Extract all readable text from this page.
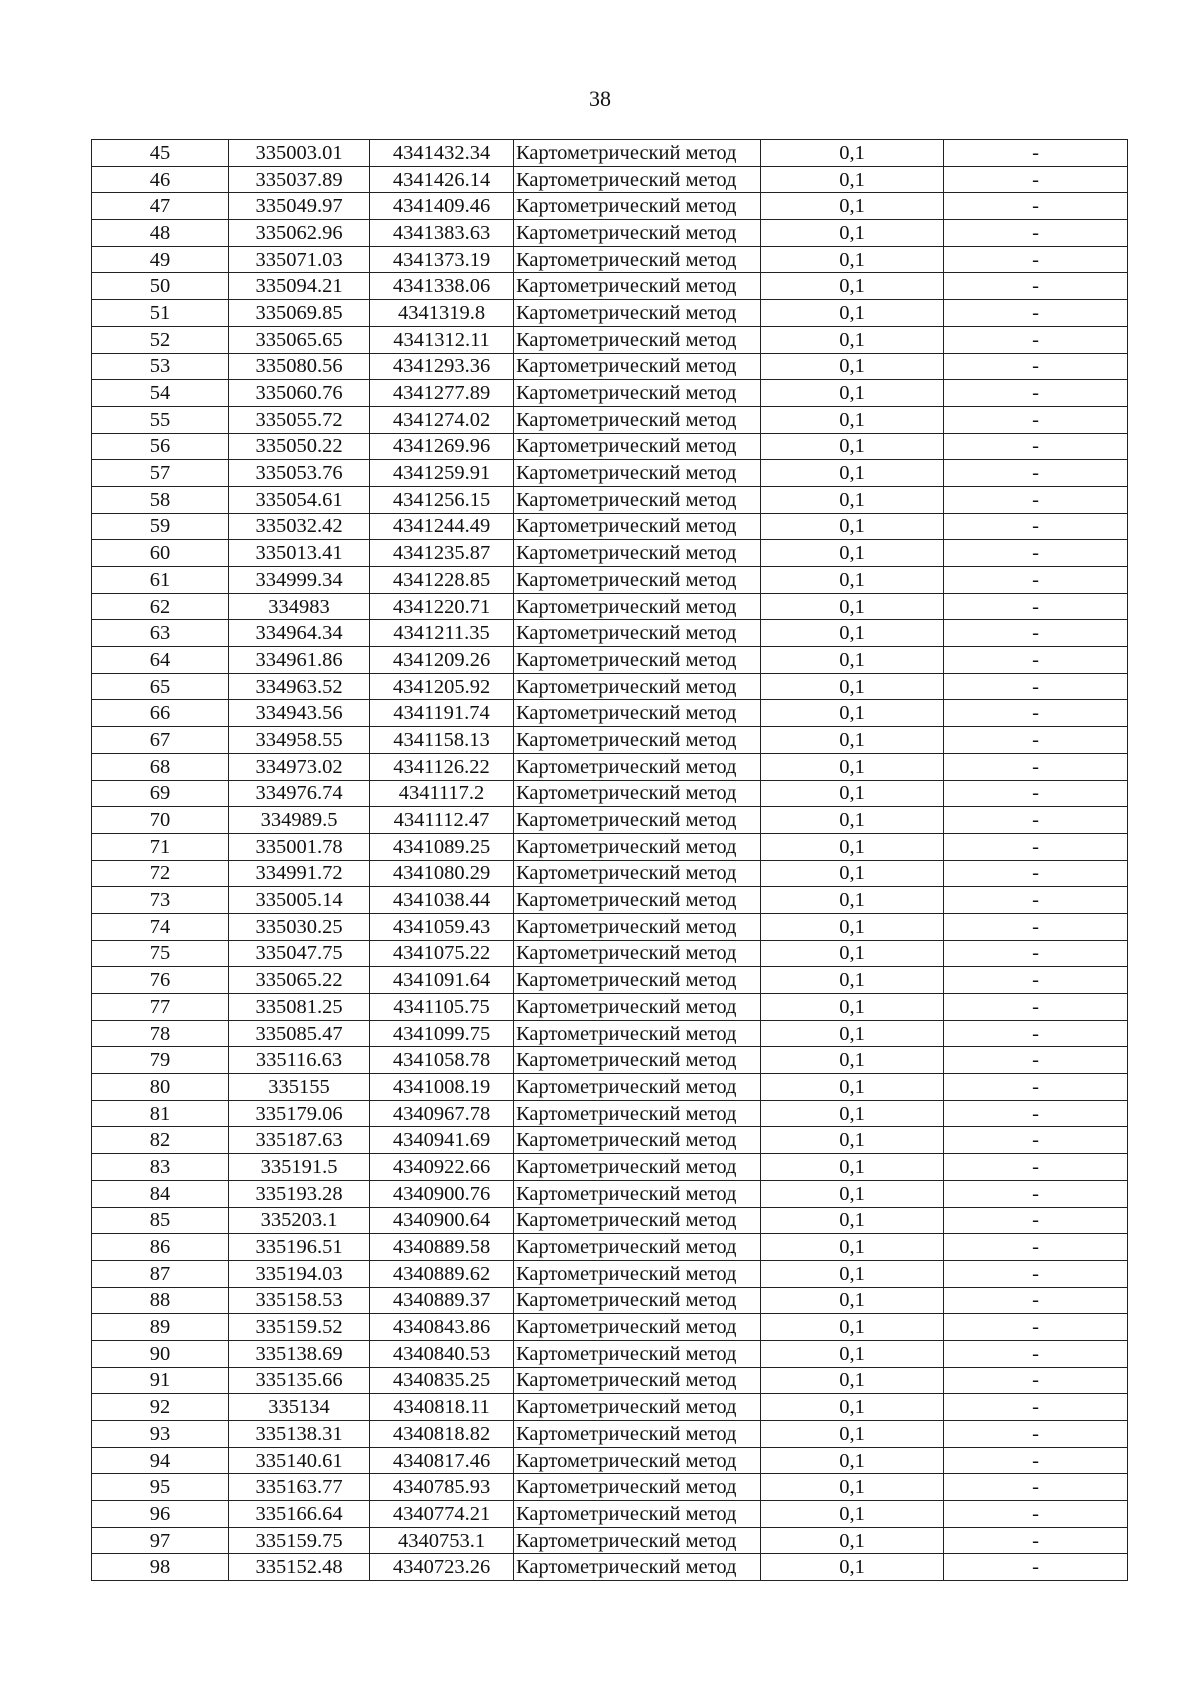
38
45	335003.01	4341432.34	Картометрический метод	0,1	-
46	335037.89	4341426.14	Картометрический метод	0,1	-
47	335049.97	4341409.46	Картометрический метод	0,1	-
48	335062.96	4341383.63	Картометрический метод	0,1	-
49	335071.03	4341373.19	Картометрический метод	0,1	-
50	335094.21	4341338.06	Картометрический метод	0,1	-
51	335069.85	4341319.8	Картометрический метод	0,1	-
52	335065.65	4341312.11	Картометрический метод	0,1	-
53	335080.56	4341293.36	Картометрический метод	0,1	-
54	335060.76	4341277.89	Картометрический метод	0,1	-
55	335055.72	4341274.02	Картометрический метод	0,1	-
56	335050.22	4341269.96	Картометрический метод	0,1	-
57	335053.76	4341259.91	Картометрический метод	0,1	-
58	335054.61	4341256.15	Картометрический метод	0,1	-
59	335032.42	4341244.49	Картометрический метод	0,1	-
60	335013.41	4341235.87	Картометрический метод	0,1	-
61	334999.34	4341228.85	Картометрический метод	0,1	-
62	334983	4341220.71	Картометрический метод	0,1	-
63	334964.34	4341211.35	Картометрический метод	0,1	-
64	334961.86	4341209.26	Картометрический метод	0,1	-
65	334963.52	4341205.92	Картометрический метод	0,1	-
66	334943.56	4341191.74	Картометрический метод	0,1	-
67	334958.55	4341158.13	Картометрический метод	0,1	-
68	334973.02	4341126.22	Картометрический метод	0,1	-
69	334976.74	4341117.2	Картометрический метод	0,1	-
70	334989.5	4341112.47	Картометрический метод	0,1	-
71	335001.78	4341089.25	Картометрический метод	0,1	-
72	334991.72	4341080.29	Картометрический метод	0,1	-
73	335005.14	4341038.44	Картометрический метод	0,1	-
74	335030.25	4341059.43	Картометрический метод	0,1	-
75	335047.75	4341075.22	Картометрический метод	0,1	-
76	335065.22	4341091.64	Картометрический метод	0,1	-
77	335081.25	4341105.75	Картометрический метод	0,1	-
78	335085.47	4341099.75	Картометрический метод	0,1	-
79	335116.63	4341058.78	Картометрический метод	0,1	-
80	335155	4341008.19	Картометрический метод	0,1	-
81	335179.06	4340967.78	Картометрический метод	0,1	-
82	335187.63	4340941.69	Картометрический метод	0,1	-
83	335191.5	4340922.66	Картометрический метод	0,1	-
84	335193.28	4340900.76	Картометрический метод	0,1	-
85	335203.1	4340900.64	Картометрический метод	0,1	-
86	335196.51	4340889.58	Картометрический метод	0,1	-
87	335194.03	4340889.62	Картометрический метод	0,1	-
88	335158.53	4340889.37	Картометрический метод	0,1	-
89	335159.52	4340843.86	Картометрический метод	0,1	-
90	335138.69	4340840.53	Картометрический метод	0,1	-
91	335135.66	4340835.25	Картометрический метод	0,1	-
92	335134	4340818.11	Картометрический метод	0,1	-
93	335138.31	4340818.82	Картометрический метод	0,1	-
94	335140.61	4340817.46	Картометрический метод	0,1	-
95	335163.77	4340785.93	Картометрический метод	0,1	-
96	335166.64	4340774.21	Картометрический метод	0,1	-
97	335159.75	4340753.1	Картометрический метод	0,1	-
98	335152.48	4340723.26	Картометрический метод	0,1	-
